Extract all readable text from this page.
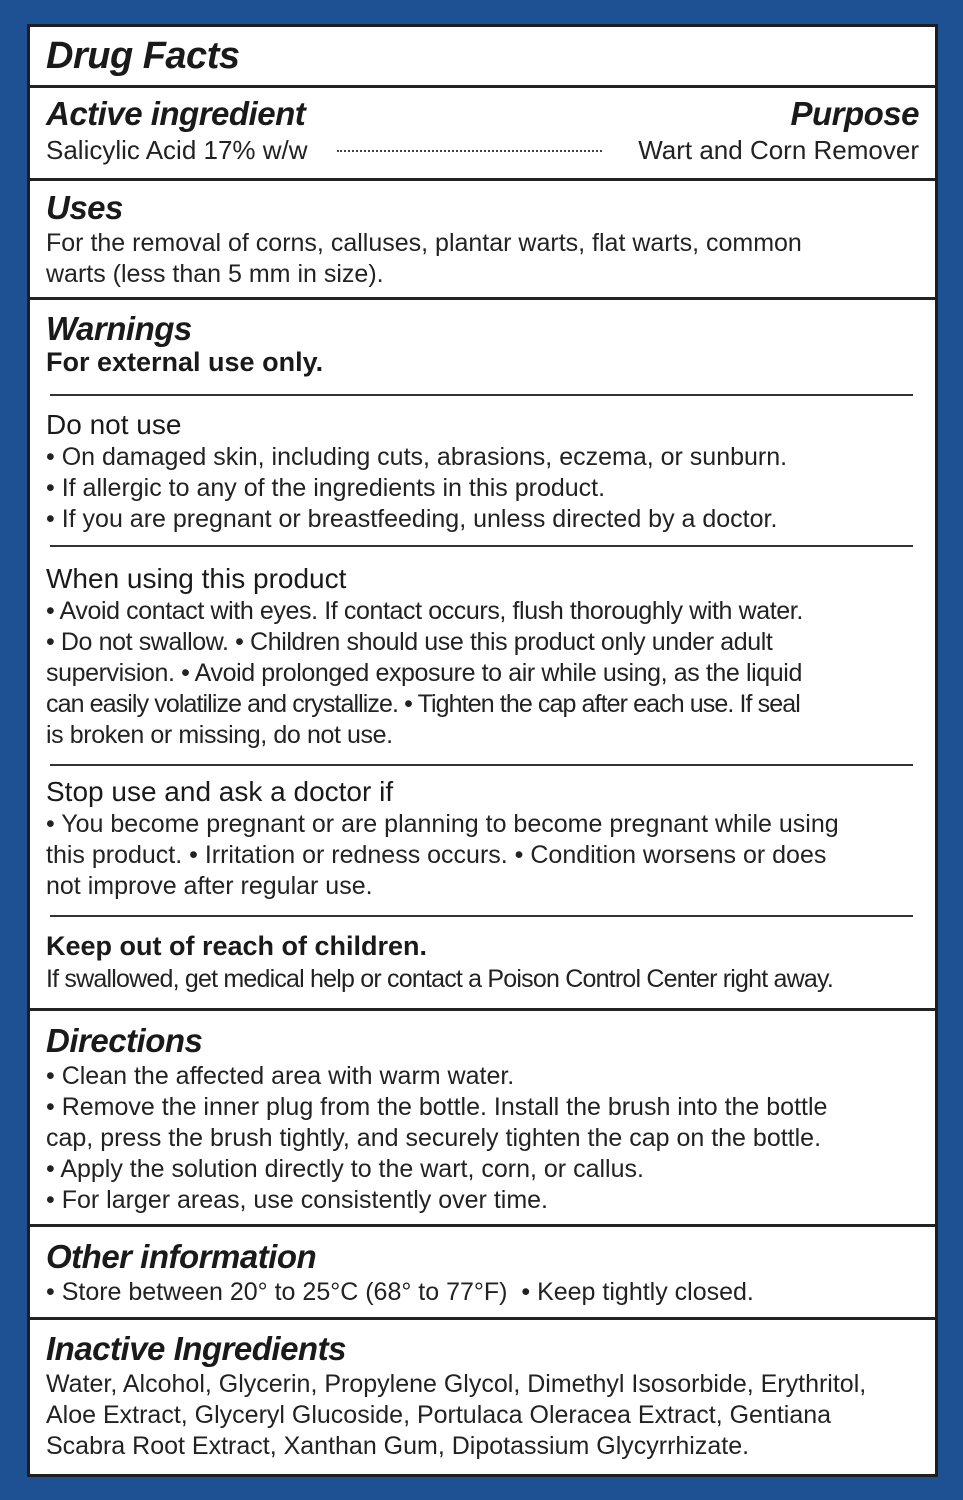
Drug Facts
Active ingredient	Purpose
Salicylic Acid 17% w/w	Wart and Corn Remover
Uses
For the removal of corns, calluses, plantar warts, flat warts, common
warts (less than 5 mm in size).
Warnings
For external use only.
Do not use
• On damaged skin, including cuts, abrasions, eczema, or sunburn.
• If allergic to any of the ingredients in this product.
• If you are pregnant or breastfeeding, unless directed by a doctor.
When using this product
• Avoid contact with eyes. If contact occurs, flush thoroughly with water.
• Do not swallow. • Children should use this product only under adult
supervision. • Avoid prolonged exposure to air while using, as the liquid
can easily volatilize and crystallize. • Tighten the cap after each use. If seal
is broken or missing, do not use.
Stop use and ask a doctor if
• You become pregnant or are planning to become pregnant while using
this product. • Irritation or redness occurs. • Condition worsens or does
not improve after regular use.
Keep out of reach of children.
If swallowed, get medical help or contact a Poison Control Center right away.
Directions
• Clean the affected area with warm water.
• Remove the inner plug from the bottle. Install the brush into the bottle
cap, press the brush tightly, and securely tighten the cap on the bottle.
• Apply the solution directly to the wart, corn, or callus.
• For larger areas, use consistently over time.
Other information
• Store between 20° to 25°C (68° to 77°F)  • Keep tightly closed.
Inactive Ingredients
Water, Alcohol, Glycerin, Propylene Glycol, Dimethyl Isosorbide, Erythritol,
Aloe Extract, Glyceryl Glucoside, Portulaca Oleracea Extract, Gentiana
Scabra Root Extract, Xanthan Gum, Dipotassium Glycyrrhizate.
